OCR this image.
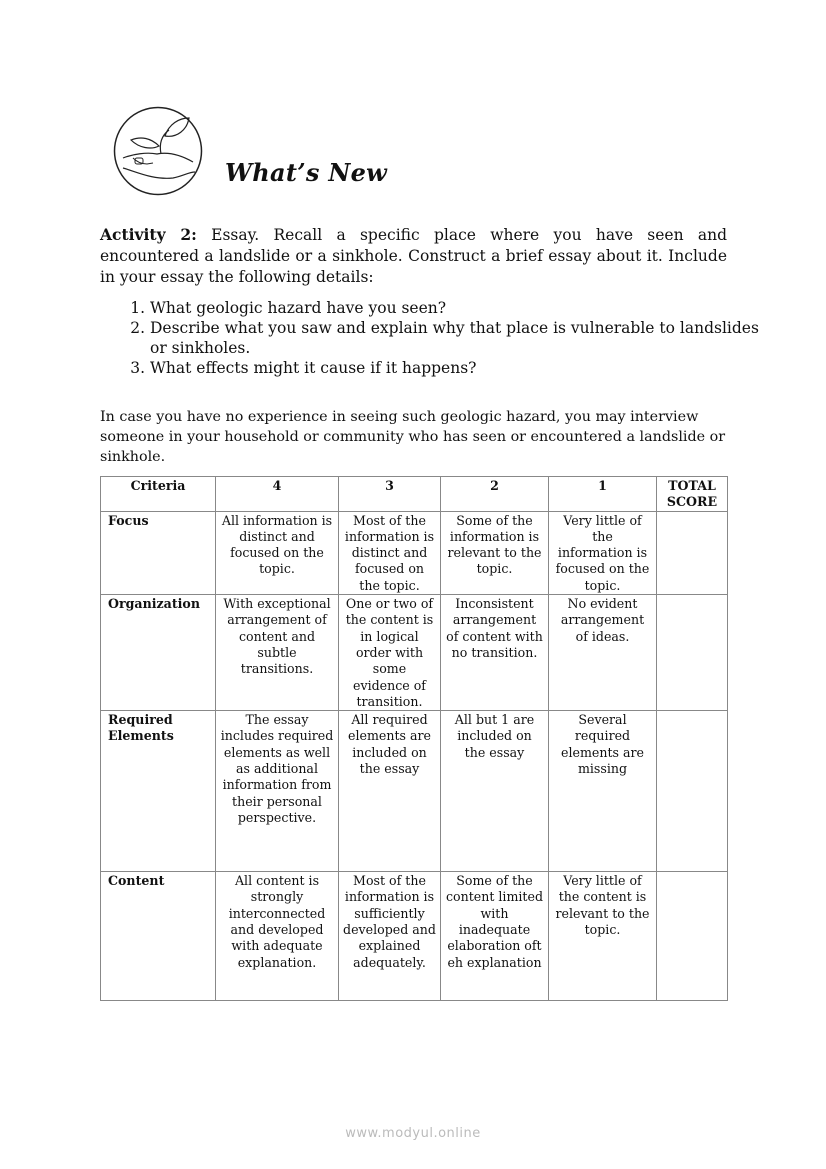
What’s New
Activity 2: Essay. Recall a specific place where you have seen and encountered a landslide or a sinkhole. Construct a brief essay about it. Include in your essay the following details:
1. What geologic hazard have you seen?
2. Describe what you saw and explain why that place is vulnerable to landslides or sinkholes.
3. What effects might it cause if it happens?
In case you have no experience in seeing such geologic hazard, you may interview someone in your household or community who has seen or encountered a landslide or sinkhole.
Criteria	4	3	2	1	TOTAL SCORE
Focus	All information is distinct and focused on the topic.	Most of the information is distinct and focused on the topic.	Some of the information is relevant to the topic.	Very little of the information is focused on the topic.	
Organization	With exceptional arrangement of content and subtle transitions.	One or two of the content is in logical order with some evidence of transition.	Inconsistent arrangement of content with no transition.	No evident arrangement of ideas.	
Required Elements	The essay includes required elements as well as additional information from their personal perspective.	All required elements are included on the essay	All but 1 are included on the essay	Several required elements are missing	
Content	All content is strongly interconnected and developed with adequate explanation.	Most of the information is sufficiently developed and explained adequately.	Some of the content limited with inadequate elaboration oft eh explanation	Very little of the content is relevant to the topic.	
www.modyul.online
